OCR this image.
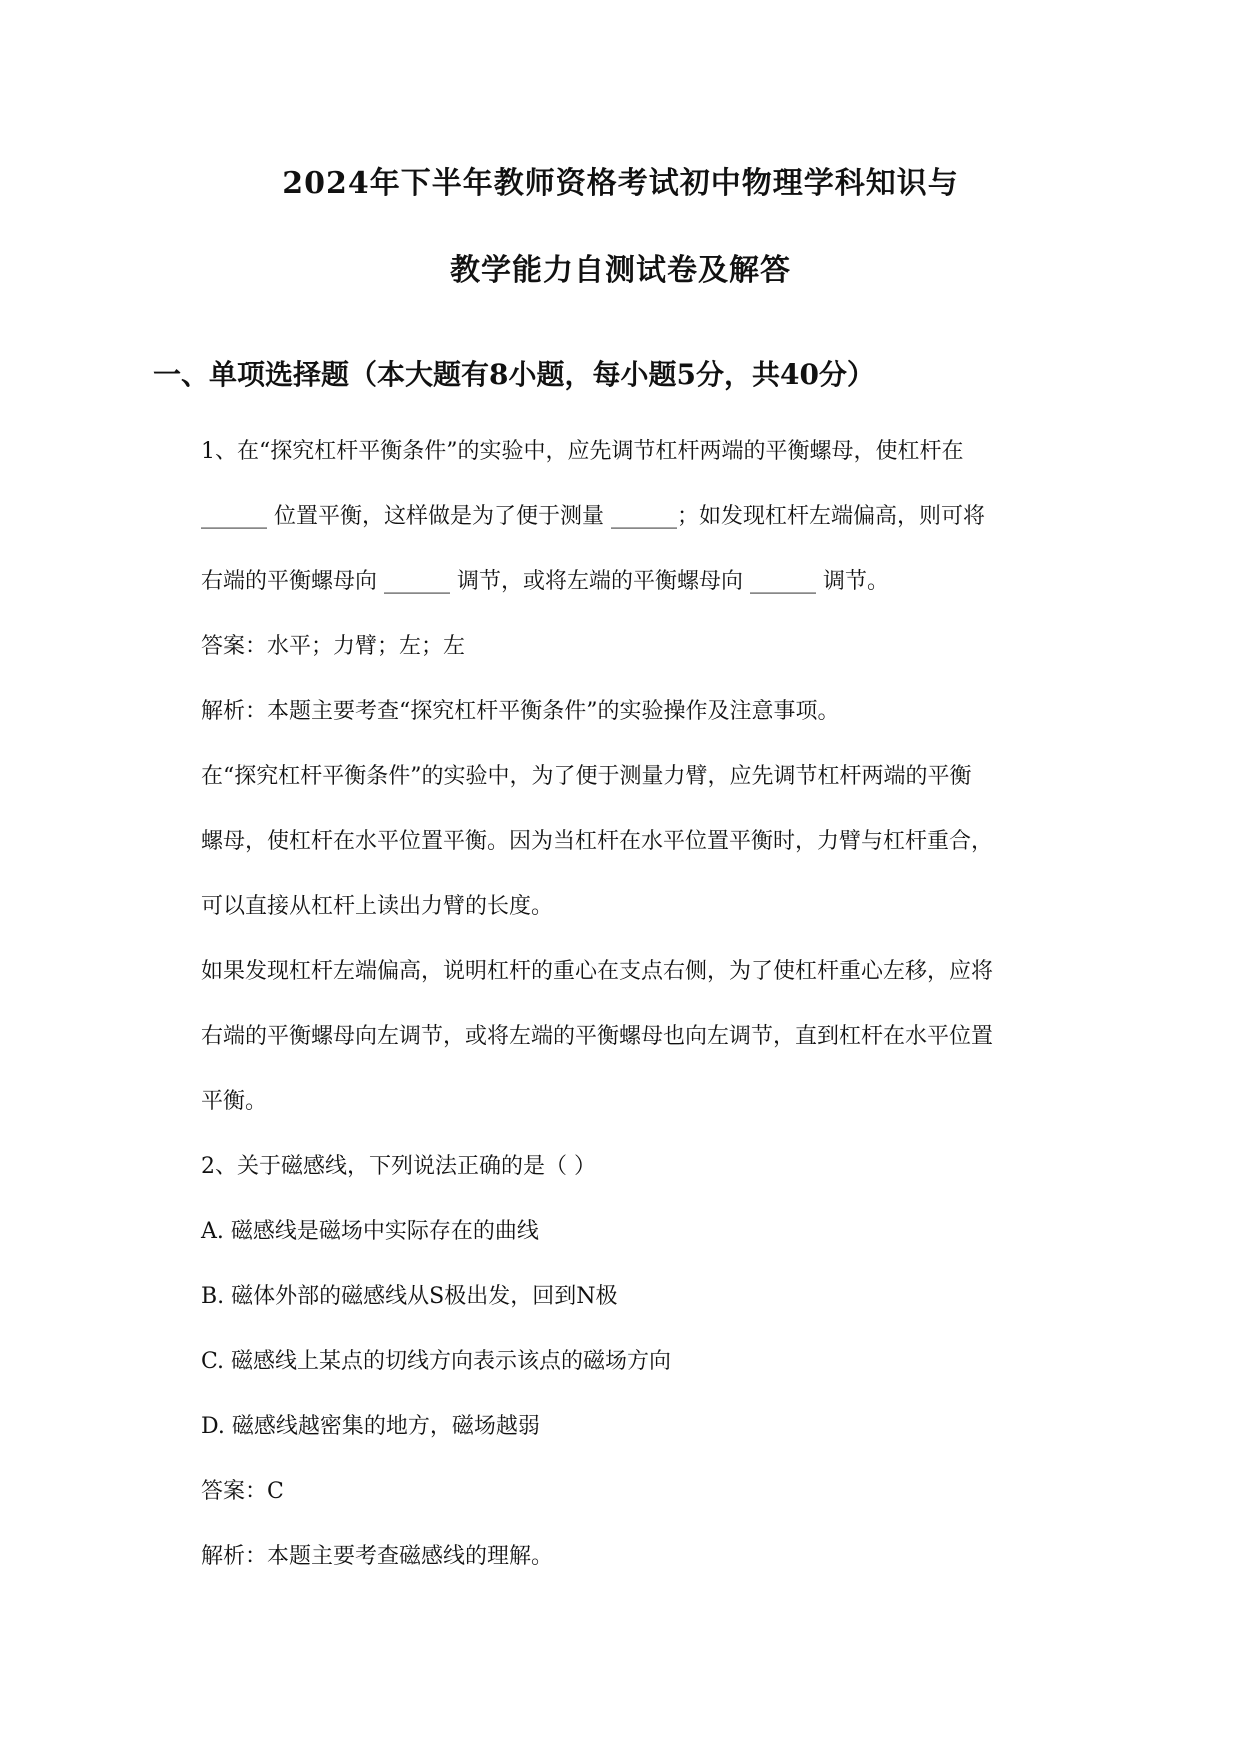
2024年下半年教师资格考试初中物理学科知识与
教学能力自测试卷及解答
一、单项选择题（本大题有8小题，每小题5分，共40分）
1、在“探究杠杆平衡条件”的实验中，应先调节杠杆两端的平衡螺母，使杠杆在
______ 位置平衡，这样做是为了便于测量 ______；如发现杠杆左端偏高，则可将
右端的平衡螺母向 ______ 调节，或将左端的平衡螺母向 ______ 调节。
答案：水平；力臂；左；左
解析：本题主要考查“探究杠杆平衡条件”的实验操作及注意事项。
在“探究杠杆平衡条件”的实验中，为了便于测量力臂，应先调节杠杆两端的平衡
螺母，使杠杆在水平位置平衡。因为当杠杆在水平位置平衡时，力臂与杠杆重合，
可以直接从杠杆上读出力臂的长度。
如果发现杠杆左端偏高，说明杠杆的重心在支点右侧，为了使杠杆重心左移，应将
右端的平衡螺母向左调节，或将左端的平衡螺母也向左调节，直到杠杆在水平位置
平衡。
2、关于磁感线，下列说法正确的是（ ）
A. 磁感线是磁场中实际存在的曲线
B. 磁体外部的磁感线从S极出发，回到N极
C. 磁感线上某点的切线方向表示该点的磁场方向
D. 磁感线越密集的地方，磁场越弱
答案：C
解析：本题主要考查磁感线的理解。
